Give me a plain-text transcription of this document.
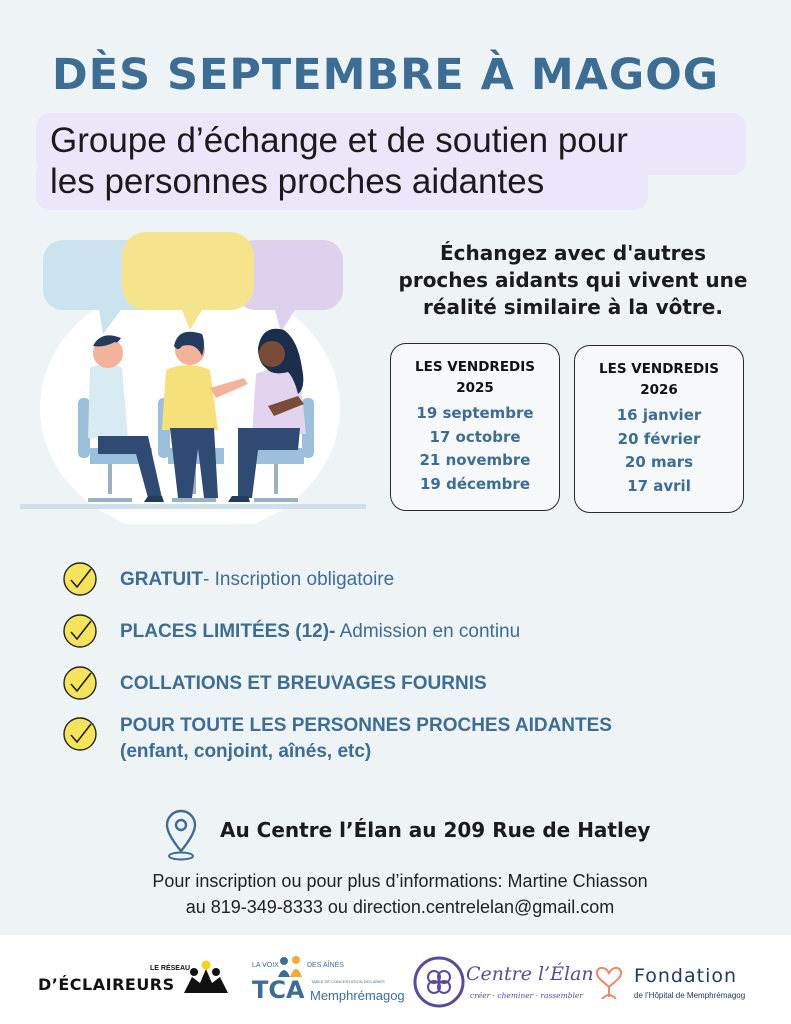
DÈS SEPTEMBRE À MAGOG
Groupe d’échange et de soutien pour
les personnes proches aidantes
Échangez avec d'autres
proches aidants qui vivent une
réalité similaire à la vôtre.
LES VENDREDIS
2025
19 septembre
17 octobre
21 novembre
19 décembre
LES VENDREDIS
2026
16 janvier
20 février
20 mars
17 avril
GRATUIT- Inscription obligatoire
PLACES LIMITÉES (12)- Admission en continu
COLLATIONS ET BREUVAGES FOURNIS
POUR TOUTE LES PERSONNES PROCHES AIDANTES
(enfant, conjoint, aînés, etc)
Au Centre l’Élan au 209 Rue de Hatley
Pour inscription ou pour plus d’informations: Martine Chiasson
au 819-349-8333 ou direction.centrelelan@gmail.com
LE RÉSEAU
D’ÉCLAIREURS
LA VOIX	DES AÎNÉS
TCA TABLE DE CONCERTATION DES AÎNÉS
Memphrémagog
Centre l’Élan
créer · cheminer · rassembler
Fondation
de l’Hôpital de Memphrémagog
